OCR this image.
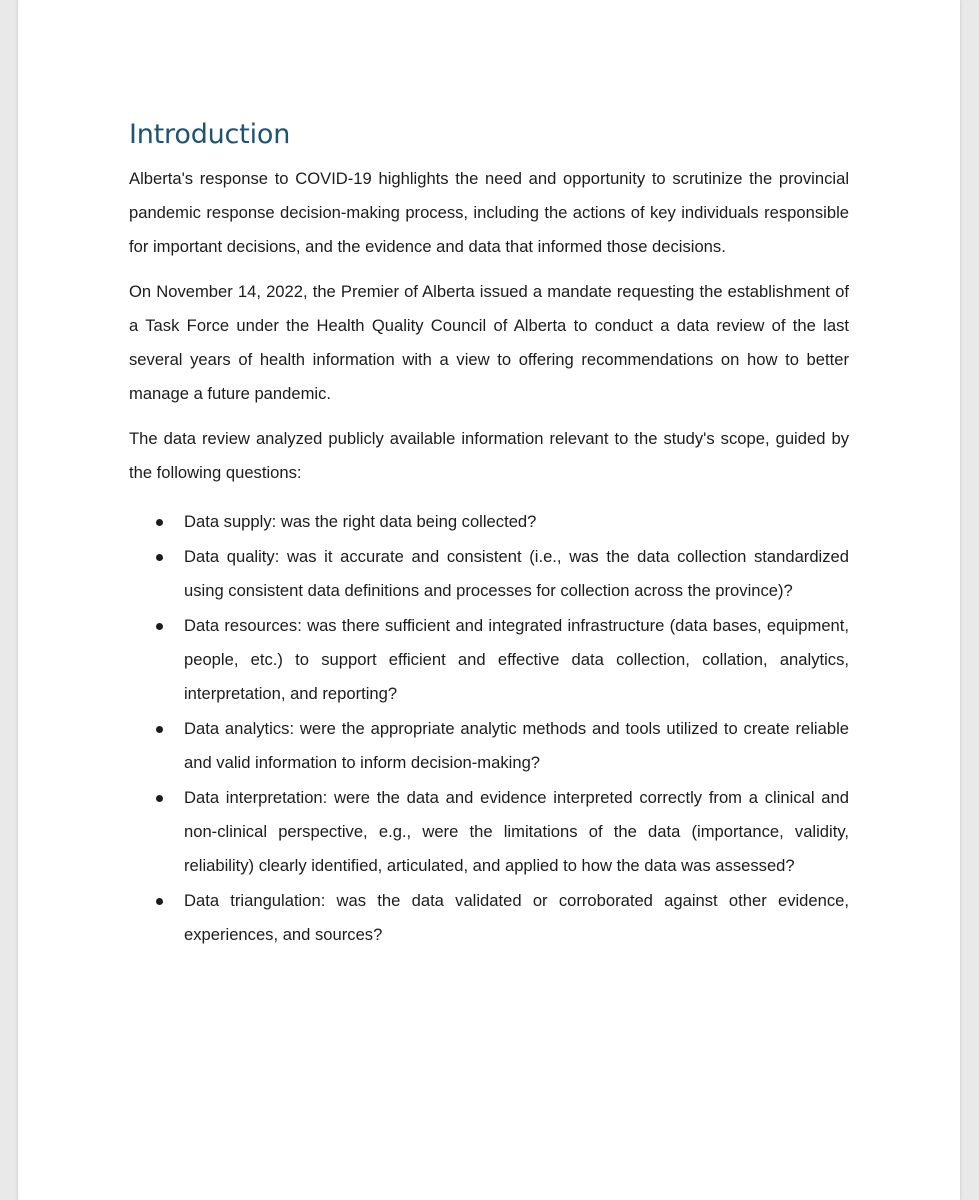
Introduction

Alberta's response to COVID-19 highlights the need and opportunity to scrutinize the provincial pandemic response decision-making process, including the actions of key individuals responsible for important decisions, and the evidence and data that informed those decisions.

On November 14, 2022, the Premier of Alberta issued a mandate requesting the establishment of a Task Force under the Health Quality Council of Alberta to conduct a data review of the last several years of health information with a view to offering recommendations on how to better manage a future pandemic.

The data review analyzed publicly available information relevant to the study's scope, guided by the following questions:

Data supply: was the right data being collected?
Data quality: was it accurate and consistent (i.e., was the data collection standardized using consistent data definitions and processes for collection across the province)?
Data resources: was there sufficient and integrated infrastructure (data bases, equipment, people, etc.) to support efficient and effective data collection, collation, analytics, interpretation, and reporting?
Data analytics: were the appropriate analytic methods and tools utilized to create reliable and valid information to inform decision-making?
Data interpretation: were the data and evidence interpreted correctly from a clinical and non-clinical perspective, e.g., were the limitations of the data (importance, validity, reliability) clearly identified, articulated, and applied to how the data was assessed?
Data triangulation: was the data validated or corroborated against other evidence, experiences, and sources?
